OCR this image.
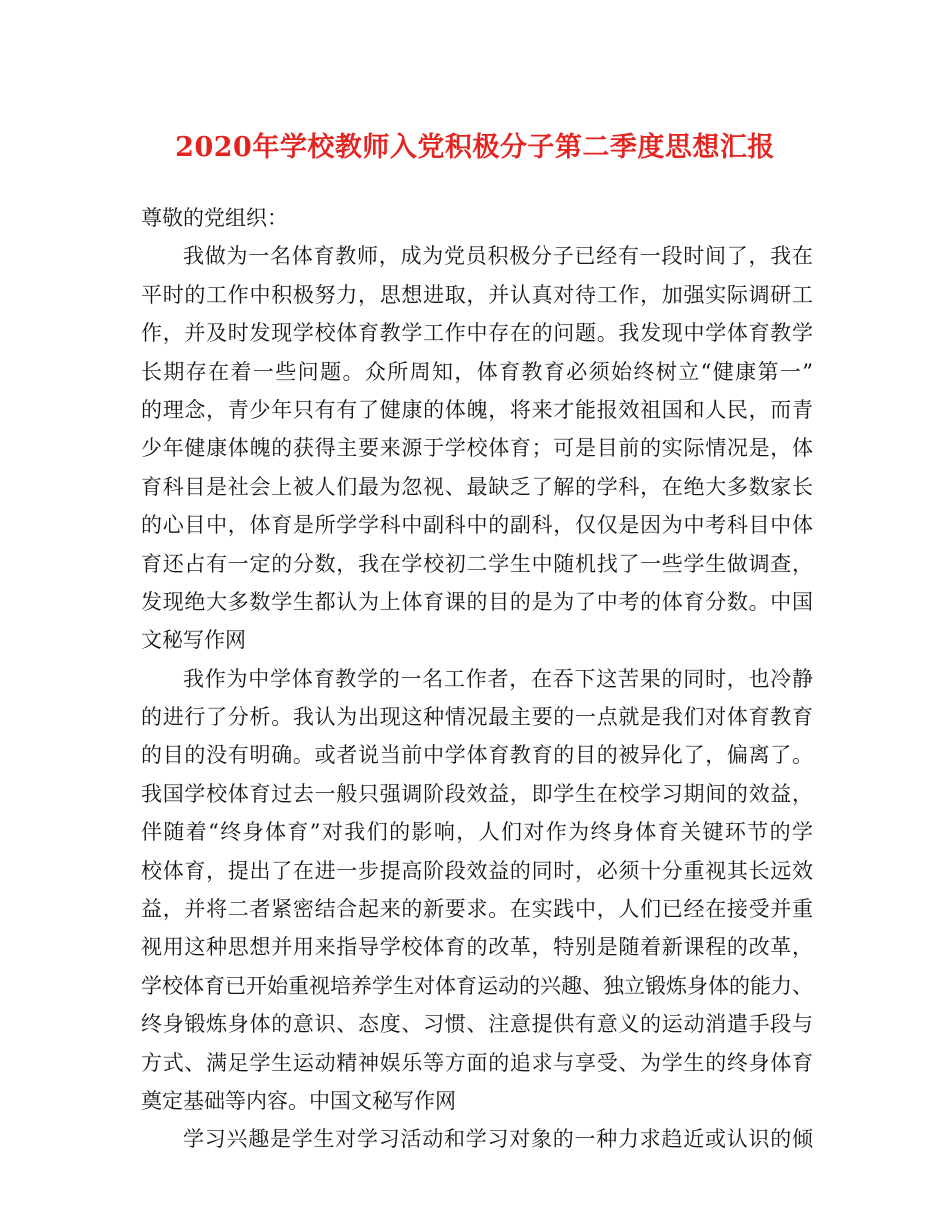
2020年学校教师入党积极分子第二季度思想汇报
尊敬的党组织：
我做为一名体育教师，成为党员积极分子已经有一段时间了，我在
平时的工作中积极努力，思想进取，并认真对待工作，加强实际调研工
作，并及时发现学校体育教学工作中存在的问题。我发现中学体育教学
长期存在着一些问题。众所周知，体育教育必须始终树立“健康第一”
的理念，青少年只有有了健康的体魄，将来才能报效祖国和人民，而青
少年健康体魄的获得主要来源于学校体育；可是目前的实际情况是，体
育科目是社会上被人们最为忽视、最缺乏了解的学科，在绝大多数家长
的心目中，体育是所学学科中副科中的副科，仅仅是因为中考科目中体
育还占有一定的分数，我在学校初二学生中随机找了一些学生做调查，
发现绝大多数学生都认为上体育课的目的是为了中考的体育分数。中国
文秘写作网
我作为中学体育教学的一名工作者，在吞下这苦果的同时，也冷静
的进行了分析。我认为出现这种情况最主要的一点就是我们对体育教育
的目的没有明确。或者说当前中学体育教育的目的被异化了，偏离了。
我国学校体育过去一般只强调阶段效益，即学生在校学习期间的效益，
伴随着“终身体育”对我们的影响，人们对作为终身体育关键环节的学
校体育，提出了在进一步提高阶段效益的同时，必须十分重视其长远效
益，并将二者紧密结合起来的新要求。在实践中，人们已经在接受并重
视用这种思想并用来指导学校体育的改革，特别是随着新课程的改革，
学校体育已开始重视培养学生对体育运动的兴趣、独立锻炼身体的能力、
终身锻炼身体的意识、态度、习惯、注意提供有意义的运动消遣手段与
方式、满足学生运动精神娱乐等方面的追求与享受、为学生的终身体育
奠定基础等内容。中国文秘写作网
学习兴趣是学生对学习活动和学习对象的一种力求趋近或认识的倾
